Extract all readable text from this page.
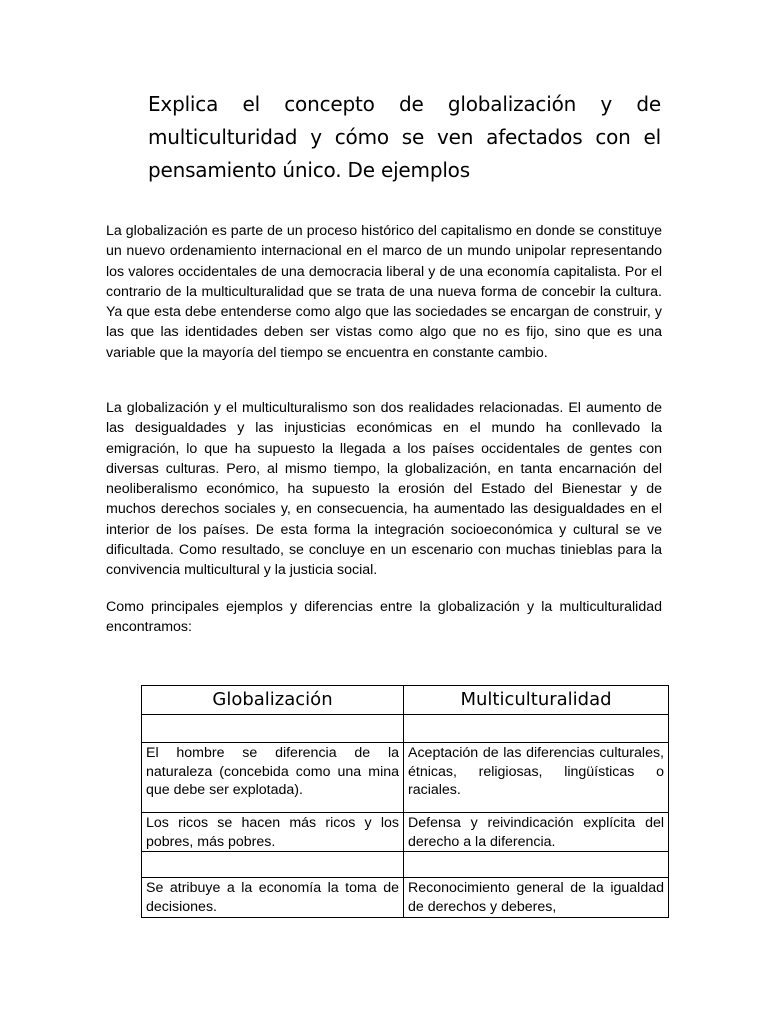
Explica el concepto de globalización y de multiculturidad y cómo se ven afectados con el pensamiento único. De ejemplos

La globalización es parte de un proceso histórico del capitalismo en donde se constituye un nuevo ordenamiento internacional en el marco de un mundo unipolar representando los valores occidentales de una democracia liberal y de una economía capitalista. Por el contrario de la multiculturalidad que se trata de una nueva forma de concebir la cultura. Ya que esta debe entenderse como algo que las sociedades se encargan de construir, y las que las identidades deben ser vistas como algo que no es fijo, sino que es una variable que la mayoría del tiempo se encuentra en constante cambio.

La globalización y el multiculturalismo son dos realidades relacionadas. El aumento de las desigualdades y las injusticias económicas en el mundo ha conllevado la emigración, lo que ha supuesto la llegada a los países occidentales de gentes con diversas culturas. Pero, al mismo tiempo, la globalización, en tanta encarnación del neoliberalismo económico, ha supuesto la erosión del Estado del Bienestar y de muchos derechos sociales y, en consecuencia, ha aumentado las desigualdades en el interior de los países. De esta forma la integración socioeconómica y cultural se ve dificultada. Como resultado, se concluye en un escenario con muchas tinieblas para la convivencia multicultural y la justicia social.

Como principales ejemplos y diferencias entre la globalización y la multiculturalidad encontramos:

Globalización	Multiculturalidad

El hombre se diferencia de la naturaleza (concebida como una mina que debe ser explotada).	Aceptación de las diferencias culturales, étnicas, religiosas, lingüísticas o raciales.
Los ricos se hacen más ricos y los pobres, más pobres.	Defensa y reivindicación explícita del derecho a la diferencia.

Se atribuye a la economía la toma de decisiones.	Reconocimiento general de la igualdad de derechos y deberes,
